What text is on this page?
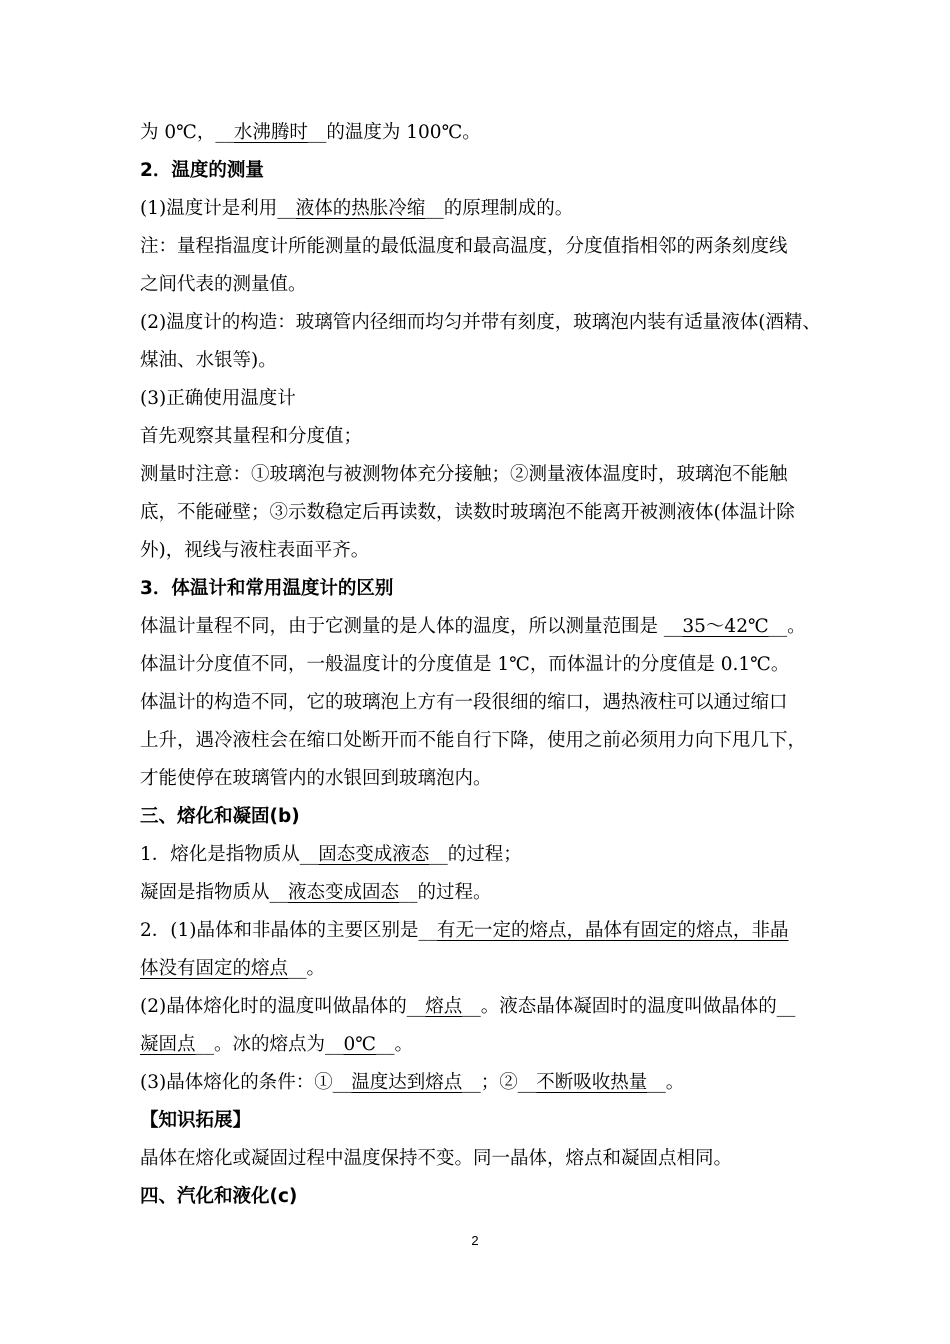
为 0℃，__水沸腾时__的温度为 100℃。
2．温度的测量
(1)温度计是利用__液体的热胀冷缩__的原理制成的。
注：量程指温度计所能测量的最低温度和最高温度，分度值指相邻的两条刻度线
之间代表的测量值。
(2)温度计的构造：玻璃管内径细而均匀并带有刻度，玻璃泡内装有适量液体(酒精、
煤油、水银等)。
(3)正确使用温度计
首先观察其量程和分度值；
测量时注意：①玻璃泡与被测物体充分接触；②测量液体温度时，玻璃泡不能触
底，不能碰壁；③示数稳定后再读数，读数时玻璃泡不能离开被测液体(体温计除
外)，视线与液柱表面平齐。
3．体温计和常用温度计的区别
体温计量程不同，由于它测量的是人体的温度，所以测量范围是 __35～42℃__。
体温计分度值不同，一般温度计的分度值是 1℃，而体温计的分度值是 0.1℃。
体温计的构造不同，它的玻璃泡上方有一段很细的缩口，遇热液柱可以通过缩口
上升，遇冷液柱会在缩口处断开而不能自行下降，使用之前必须用力向下甩几下，
才能使停在玻璃管内的水银回到玻璃泡内。
三、熔化和凝固(b)
1．熔化是指物质从__固态变成液态__的过程；
凝固是指物质从__液态变成固态__的过程。
2．(1)晶体和非晶体的主要区别是__有无一定的熔点，晶体有固定的熔点，非晶
体没有固定的熔点__。
(2)晶体熔化时的温度叫做晶体的__熔点__。液态晶体凝固时的温度叫做晶体的__
凝固点__。冰的熔点为__0℃__。
(3)晶体熔化的条件：①__温度达到熔点__；②__不断吸收热量__。
【知识拓展】
晶体在熔化或凝固过程中温度保持不变。同一晶体，熔点和凝固点相同。
四、汽化和液化(c)
2
